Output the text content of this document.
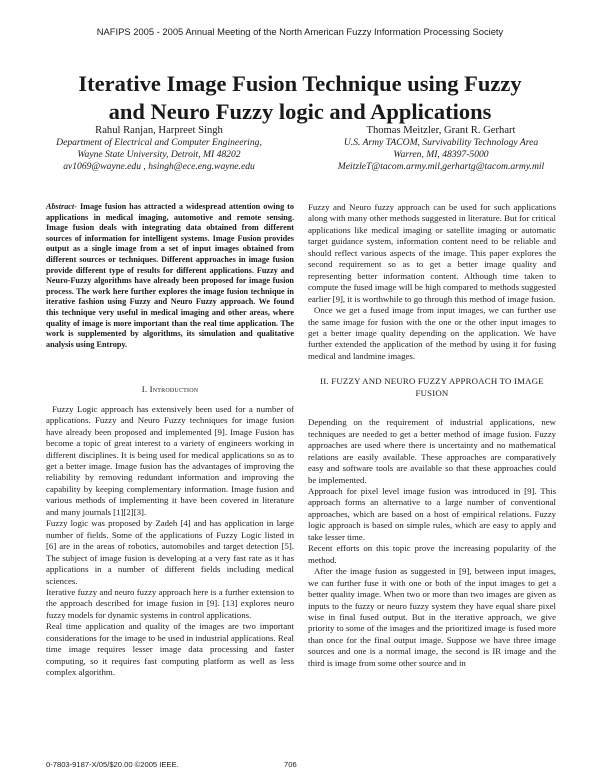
NAFIPS 2005 - 2005 Annual Meeting of the North American Fuzzy Information Processing Society
Iterative Image Fusion Technique using Fuzzy
and Neuro Fuzzy logic and Applications
Rahul Ranjan, Harpreet Singh
Department of Electrical and Computer Engineering,
Wayne State University, Detroit, MI 48202
av1069@wayne.edu , hsingh@ece.eng.wayne.edu
Thomas Meitzler, Grant R. Gerhart
U.S. Army TACOM, Survivability Technology Area
Warren, MI, 48397-5000
MeitzleT@tacom.army.mil,gerhartg@tacom.army.mil

Abstract- Image fusion has attracted a widespread attention owing to applications in medical imaging, automotive and remote sensing. Image fusion deals with integrating data obtained from different sources of information for intelligent systems. Image Fusion provides output as a single image from a set of input images obtained from different sources or techniques. Different approaches in image fusion provide different type of results for different applications. Fuzzy and Neuro-Fuzzy algorithms have already been proposed for image fusion process. The work here further explores the image fusion technique in iterative fashion using Fuzzy and Neuro Fuzzy approach. We found this technique very useful in medical imaging and other areas, where quality of image is more important than the real time application. The work is supplemented by algorithms, its simulation and qualitative analysis using Entropy.

I. Introduction

Fuzzy Logic approach has extensively been used for a number of applications. Fuzzy and Neuro Fuzzy techniques for image fusion have already been proposed and implemented [9]. Image Fusion has become a topic of great interest to a variety of engineers working in different disciplines. It is being used for medical applications so as to get a better image. Image fusion has the advantages of improving the reliability by removing redundant information and improving the capability by keeping complementary information. Image fusion and various methods of implementing it have been covered in literature and many journals [1][2][3].

Fuzzy logic was proposed by Zadeh [4] and has application in large number of fields. Some of the applications of Fuzzy Logic listed in [6] are in the areas of robotics, automobiles and target detection [5]. The subject of image fusion is developing at a very fast rate as it has applications in a number of different fields including medical sciences.

Iterative fuzzy and neuro fuzzy approach here is a further extension to the approach described for image fusion in [9]. [13] explores neuro fuzzy models for dynamic systems in control applications.

Real time application and quality of the images are two important considerations for the image to be used in industrial applications. Real time image requires lesser image data processing and faster computing, so it requires fast computing platform as well as less complex algorithm.

Fuzzy and Neuro fuzzy approach can be used for such applications along with many other methods suggested in literature. But for critical applications like medical imaging or satellite imaging or automatic target guidance system, information content need to be reliable and should reflect various aspects of the image. This paper explores the second requirement so as to get a better image quality and representing better information content. Although time taken to compute the fused image will be high compared to methods suggested earlier [9], it is worthwhile to go through this method of image fusion.

Once we get a fused image from input images, we can further use the same image for fusion with the one or the other input images to get a better image quality depending on the application. We have further extended the application of the method by using it for fusing medical and landmine images.

II. FUZZY AND NEURO FUZZY APPROACH TO IMAGE
FUSION

Depending on the requirement of industrial applications, new techniques are needed to get a better method of image fusion. Fuzzy approaches are used where there is uncertainty and no mathematical relations are easily available. These approaches are comparatively easy and software tools are available so that these approaches could be implemented.

Approach for pixel level image fusion was introduced in [9]. This approach forms an alternative to a large number of conventional approaches, which are based on a host of empirical relations. Fuzzy logic approach is based on simple rules, which are easy to apply and take lesser time.

Recent efforts on this topic prove the increasing popularity of the method.

After the image fusion as suggested in [9], between input images, we can further fuse it with one or both of the input images to get a better quality image. When two or more than two images are given as inputs to the fuzzy or neuro fuzzy system they have equal share pixel wise in final fused output. But in the iterative approach, we give priority to some of the images and the prioritized image is fused more than once for the final output image. Suppose we have three image sources and one is a normal image, the second is IR image and the third is image from some other source and in

0-7803-9187-X/05/$20.00 ©2005 IEEE.	706
